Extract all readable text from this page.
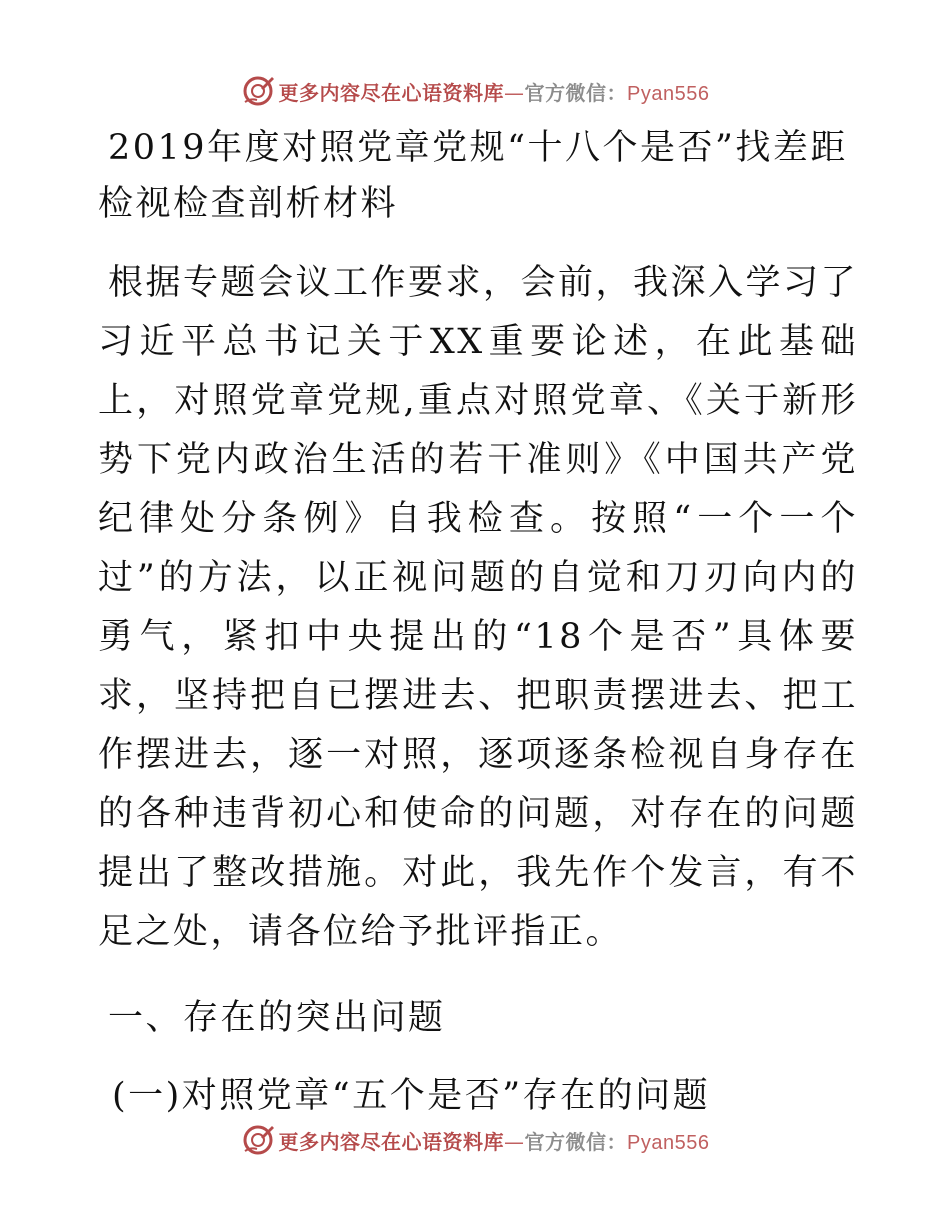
更多内容尽在心语资料库—官方微信：Pyan556
2019年度对照党章党规“十八个是否”找差距检视检查剖析材料

根据专题会议工作要求，会前，我深入学习了习近平总书记关于XX重要论述，在此基础上，对照党章党规,重点对照党章、《关于新形势下党内政治生活的若干准则》《中国共产党纪律处分条例》自我检查。按照“一个一个过”的方法，以正视问题的自觉和刀刃向内的勇气，紧扣中央提出的“18个是否”具体要求，坚持把自已摆进去、把职责摆进去、把工作摆进去，逐一对照，逐项逐条检视自身存在的各种违背初心和使命的问题，对存在的问题提出了整改措施。对此，我先作个发言，有不足之处，请各位给予批评指正。

一、存在的突出问题
(一)对照党章“五个是否”存在的问题
更多内容尽在心语资料库—官方微信：Pyan556
